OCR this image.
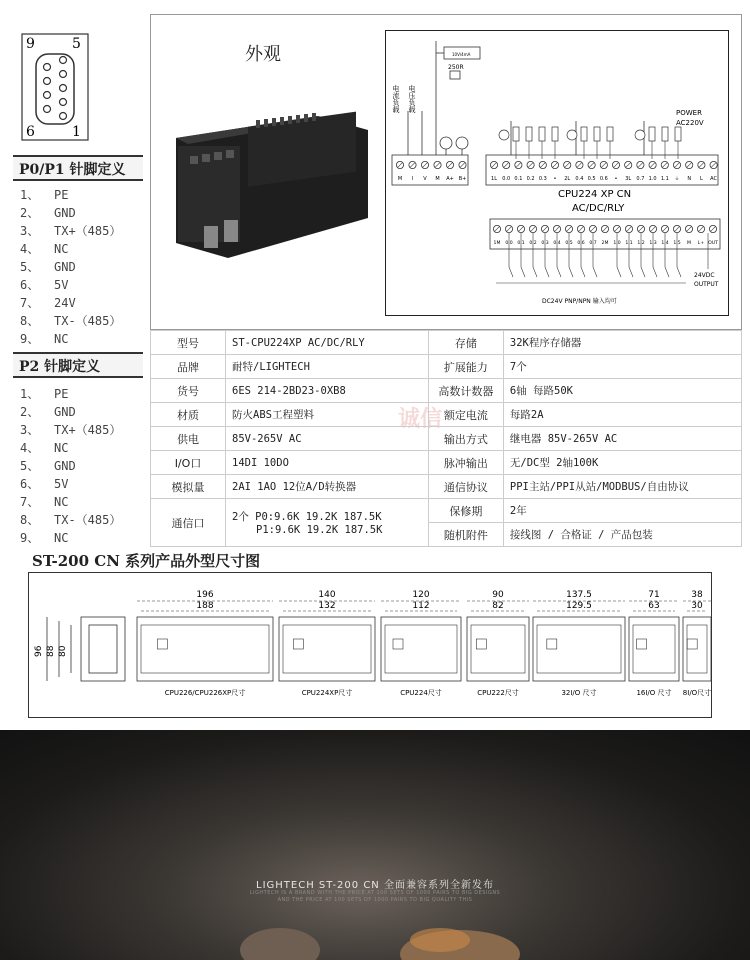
9	5
6	1
P0/P1 针脚定义
1、	PE
2、	GND
3、	TX+（485）
4、	NC
5、	GND
6、	5V
7、	24V
8、	TX-（485）
9、	NC
P2 针脚定义
1、	PE
2、	GND
3、	TX+（485）
4、	NC
5、	GND
6、	5V
7、	NC
8、	TX-（485）
9、	NC
外观	10V/4mA
250R
电流负载 电压负载
M I V M A+ B+	1L 0.0 0.1 0.2 0.3 • 2L 0.4 0.5 0.6 • 3L 0.7 1.0 1.1 ⏚ N L AC
POWER
AC220V
CPU224 XP CN
AC/DC/RLY
1M 0.0 0.1 0.2 0.3 0.4 0.5 0.6 0.7 2M 1.0 1.1 1.2 1.3 1.4 1.5 M L+ OUT
24VDC
OUTPUT
DC24V PNP/NPN 输入均可
诚信
型号	ST-CPU224XP AC/DC/RLY	存储	32K程序存储器
品牌	耐特/LIGHTECH	扩展能力	7个
货号	6ES 214-2BD23-0XB8	高数计数器	6轴 每路50K
材质	防火ABS工程塑料	额定电流	每路2A
供电	85V-265V AC	输出方式	继电器 85V-265V AC
I/O口	14DI 10DO	脉冲输出	无/DC型 2轴100K
模拟量	2AI 1AO 12位A/D转换器	通信协议	PPI主站/PPI从站/MODBUS/自由协议
通信口	2个 P0:9.6K 19.2K 187.5K
P1:9.6K 19.2K 187.5K	保修期	2年
		随机附件	接线图 / 合格证 / 产品包装
ST-200 CN 系列产品外型尺寸图
96 88 80
196
188
CPU226/CPU226XP尺寸
140
132
CPU224XP尺寸
120
112
CPU224尺寸
90
82
CPU222尺寸
137.5
129.5
32I/O 尺寸
71
63
16I/O 尺寸
38
30
8I/O尺寸
LIGHTECH ST-200 CN 全面兼容系列全新发布
LIGHTECH IS A BRAND WITH THE PRICE AT 100 SETS OF 1000 PAIRS TO BIG DESIGNS
AND THE PRICE AT 100 SETS OF 1000 PAIRS TO BIG QUALITY THIS
